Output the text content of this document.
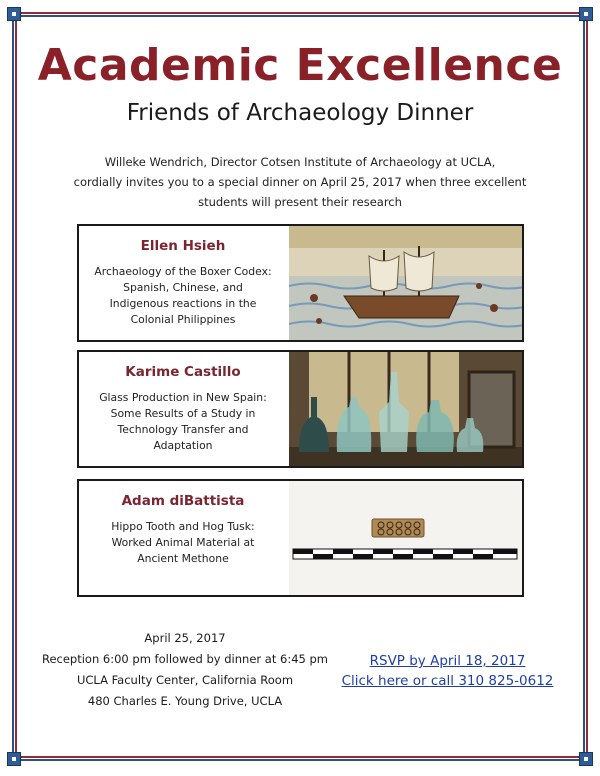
Academic Excellence
Friends of Archaeology Dinner
Willeke Wendrich, Director Cotsen Institute of Archaeology at UCLA,
cordially invites you to a special dinner on April 25, 2017 when three excellent
students will present their research
Ellen Hsieh
Archaeology of the Boxer Codex: Spanish, Chinese, and Indigenous reactions in the Colonial Philippines
Karime Castillo
Glass Production in New Spain: Some Results of a Study in Technology Transfer and Adaptation
Adam diBattista
Hippo Tooth and Hog Tusk: Worked Animal Material at Ancient Methone
April 25, 2017
Reception 6:00 pm followed by dinner at 6:45 pm
UCLA Faculty Center, California Room
480 Charles E. Young Drive, UCLA
RSVP by April 18, 2017
Click here or call 310 825-0612
